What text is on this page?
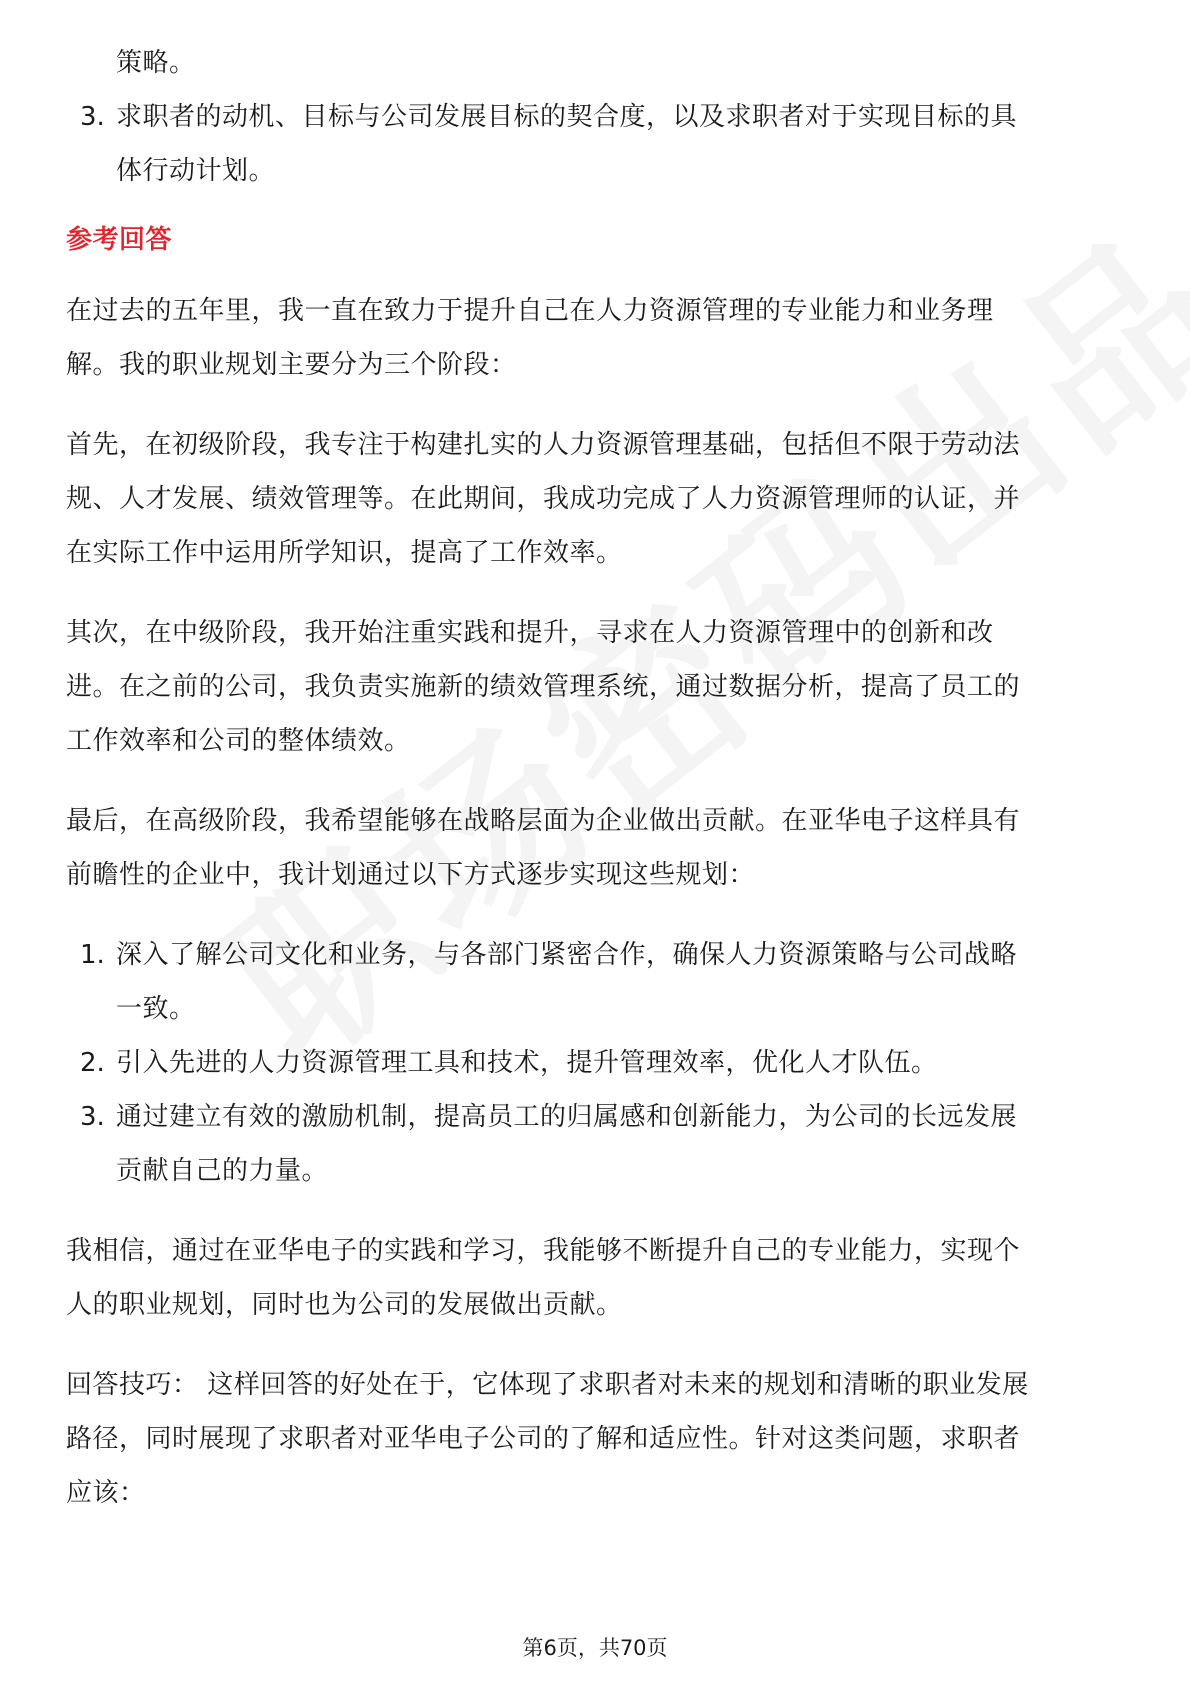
策略。
3. 求职者的动机、目标与公司发展目标的契合度，以及求职者对于实现目标的具
体行动计划。
参考回答
在过去的五年里，我一直在致力于提升自己在人力资源管理的专业能力和业务理
解。我的职业规划主要分为三个阶段：
首先，在初级阶段，我专注于构建扎实的人力资源管理基础，包括但不限于劳动法
规、人才发展、绩效管理等。在此期间，我成功完成了人力资源管理师的认证，并
在实际工作中运用所学知识，提高了工作效率。
其次，在中级阶段，我开始注重实践和提升，寻求在人力资源管理中的创新和改
进。在之前的公司，我负责实施新的绩效管理系统，通过数据分析，提高了员工的
工作效率和公司的整体绩效。
最后，在高级阶段，我希望能够在战略层面为企业做出贡献。在亚华电子这样具有
前瞻性的企业中，我计划通过以下方式逐步实现这些规划：
1. 深入了解公司文化和业务，与各部门紧密合作，确保人力资源策略与公司战略
一致。
2. 引入先进的人力资源管理工具和技术，提升管理效率，优化人才队伍。
3. 通过建立有效的激励机制，提高员工的归属感和创新能力，为公司的长远发展
贡献自己的力量。
我相信，通过在亚华电子的实践和学习，我能够不断提升自己的专业能力，实现个
人的职业规划，同时也为公司的发展做出贡献。
回答技巧： 这样回答的好处在于，它体现了求职者对未来的规划和清晰的职业发展
路径，同时展现了求职者对亚华电子公司的了解和适应性。针对这类问题，求职者
应该：
第6页，共70页
